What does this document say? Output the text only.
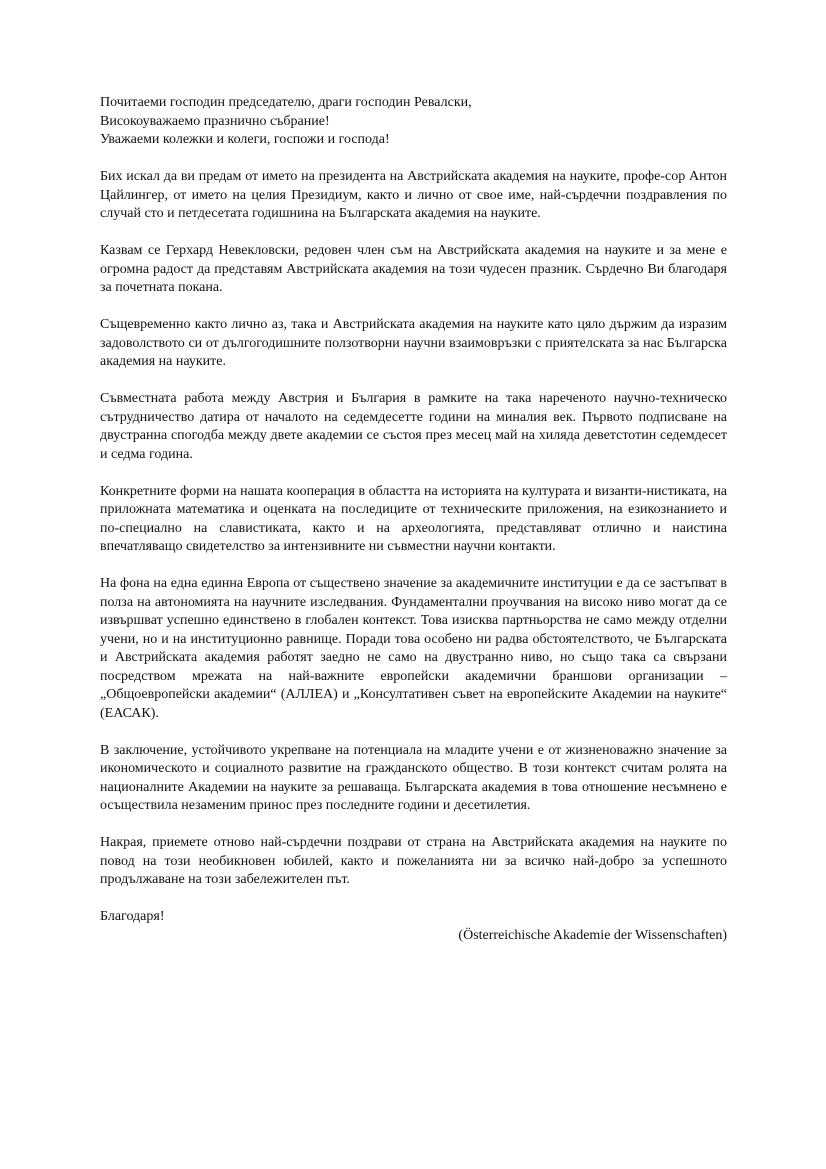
Почитаеми господин председателю, драги господин Ревалски,

Високоуважаемо празнично събрание!

Уважаеми колежки и колеги, госпожи и господа!

Бих искал да ви предам от името на президента на Австрийската академия на науките, профе-сор Антон Цайлингер, от името на целия Президиум, както и лично от свое име, най-сърдечни поздравления по случай сто и петдесетата годишнина на Българската академия на науките.

Казвам се Герхард Невекловски, редовен член съм на Австрийската академия на науките и за мене е огромна радост да представям Австрийската академия на този чудесен празник. Сърдечно Ви благодаря за почетната покана.

Същевременно както лично аз, така и Австрийската академия на науките като цяло държим да изразим задоволството си от дългогодишните ползотворни научни взаимовръзки с приятелската за нас Българска академия на науките.

Съвместната работа между Австрия и България в рамките на така нареченото научно-техническо сътрудничество датира от началото на седемдесетте години на миналия век. Първото подписване на двустранна спогодба между двете академии се състоя през месец май на хиляда деветстотин седемдесет и седма година.

Конкретните форми на нашата кооперация в областта на историята на културата и византи-нистиката, на приложната математика и оценката на последиците от техническите приложения, на езикознанието и по-специално на славистиката, както и на археологията, представляват отлично и наистина впечатляващо свидетелство за интензивните ни съвместни научни контакти.

На фона на една единна Европа от съществено значение за академичните институции е да се застъпват в полза на автономията на научните изследвания. Фундаментални проучвания на високо ниво могат да се извършват успешно единствено в глобален контекст. Това изисква партньорства не само между отделни учени, но и на институционно равнище. Поради това особено ни радва обстоятелството, че Българската и Австрийската академия работят заедно не само на двустранно ниво, но също така са свързани посредством мрежата на най-важните европейски академични браншови организации – „Общоевропейски академии“ (АЛЛЕА) и „Консултативен съвет на европейските Академии на науките“ (ЕАСАК).

В заключение, устойчивото укрепване на потенциала на младите учени е от жизненоважно значение за икономическото и социалното развитие на гражданското общество. В този контекст считам ролята на националните Академии на науките за решаваща. Българската академия в това отношение несъмнено е осъществила незаменим принос през последните години и десетилетия.

Накрая, приемете отново най-сърдечни поздрави от страна на Австрийската академия на науките по повод на този необикновен юбилей, както и пожеланията ни за всичко най-добро за успешното продължаване на този забележителен път.

Благодаря!

(Österreichische Akademie der Wissenschaften)
